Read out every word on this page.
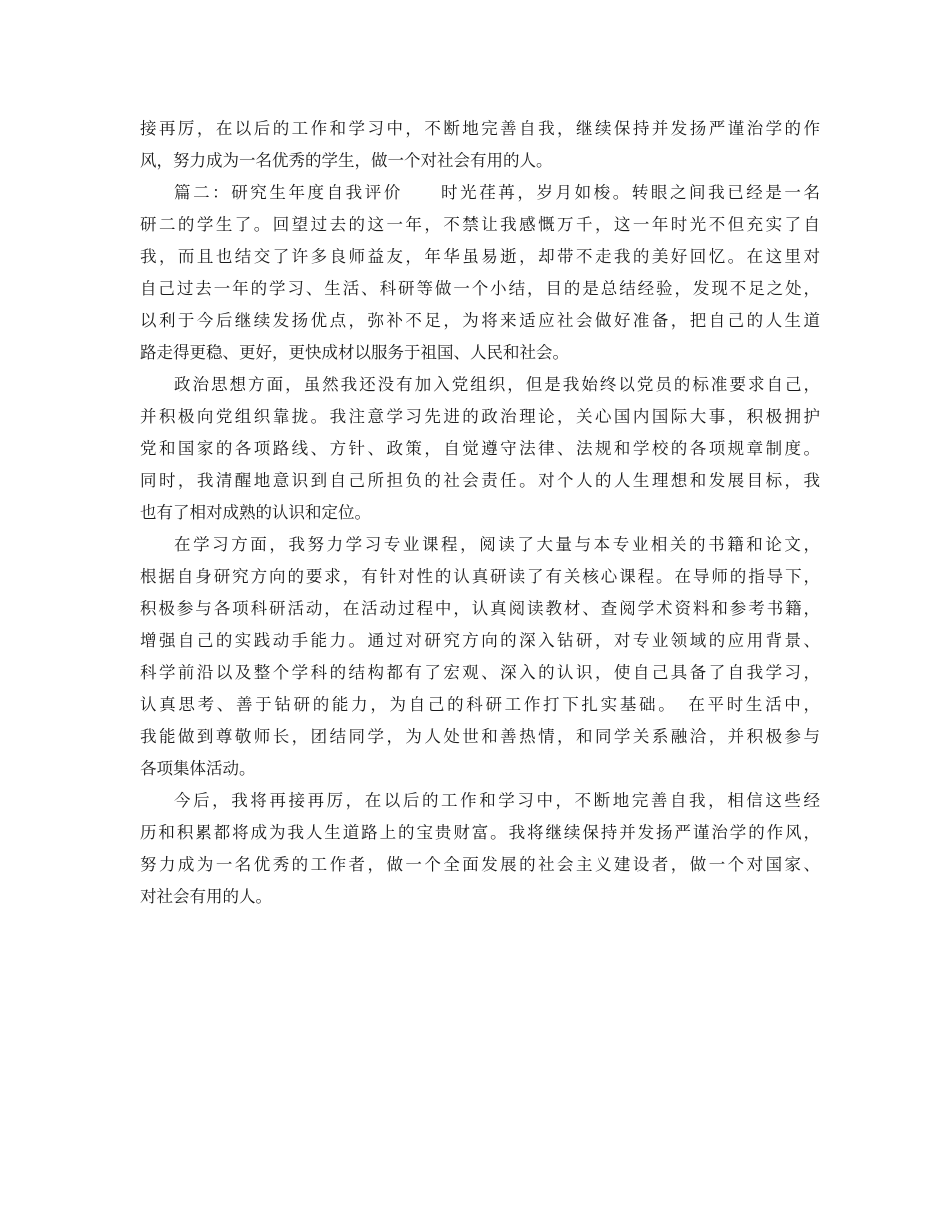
接再厉，在以后的工作和学习中，不断地完善自我，继续保持并发扬严谨治学的作
风，努力成为一名优秀的学生，做一个对社会有用的人。
篇二：研究生年度自我评价　　时光荏苒，岁月如梭。转眼之间我已经是一名
研二的学生了。回望过去的这一年，不禁让我感慨万千，这一年时光不但充实了自
我，而且也结交了许多良师益友，年华虽易逝，却带不走我的美好回忆。在这里对
自己过去一年的学习、生活、科研等做一个小结，目的是总结经验，发现不足之处，
以利于今后继续发扬优点，弥补不足，为将来适应社会做好准备，把自己的人生道
路走得更稳、更好，更快成材以服务于祖国、人民和社会。
政治思想方面，虽然我还没有加入党组织，但是我始终以党员的标准要求自己，
并积极向党组织靠拢。我注意学习先进的政治理论，关心国内国际大事，积极拥护
党和国家的各项路线、方针、政策，自觉遵守法律、法规和学校的各项规章制度。
同时，我清醒地意识到自己所担负的社会责任。对个人的人生理想和发展目标，我
也有了相对成熟的认识和定位。
在学习方面，我努力学习专业课程，阅读了大量与本专业相关的书籍和论文，
根据自身研究方向的要求，有针对性的认真研读了有关核心课程。在导师的指导下，
积极参与各项科研活动，在活动过程中，认真阅读教材、查阅学术资料和参考书籍，
增强自己的实践动手能力。通过对研究方向的深入钻研，对专业领域的应用背景、
科学前沿以及整个学科的结构都有了宏观、深入的认识，使自己具备了自我学习，
认真思考、善于钻研的能力，为自己的科研工作打下扎实基础。　在平时生活中，
我能做到尊敬师长，团结同学，为人处世和善热情，和同学关系融洽，并积极参与
各项集体活动。
今后，我将再接再厉，在以后的工作和学习中，不断地完善自我，相信这些经
历和积累都将成为我人生道路上的宝贵财富。我将继续保持并发扬严谨治学的作风，
努力成为一名优秀的工作者，做一个全面发展的社会主义建设者，做一个对国家、
对社会有用的人。
